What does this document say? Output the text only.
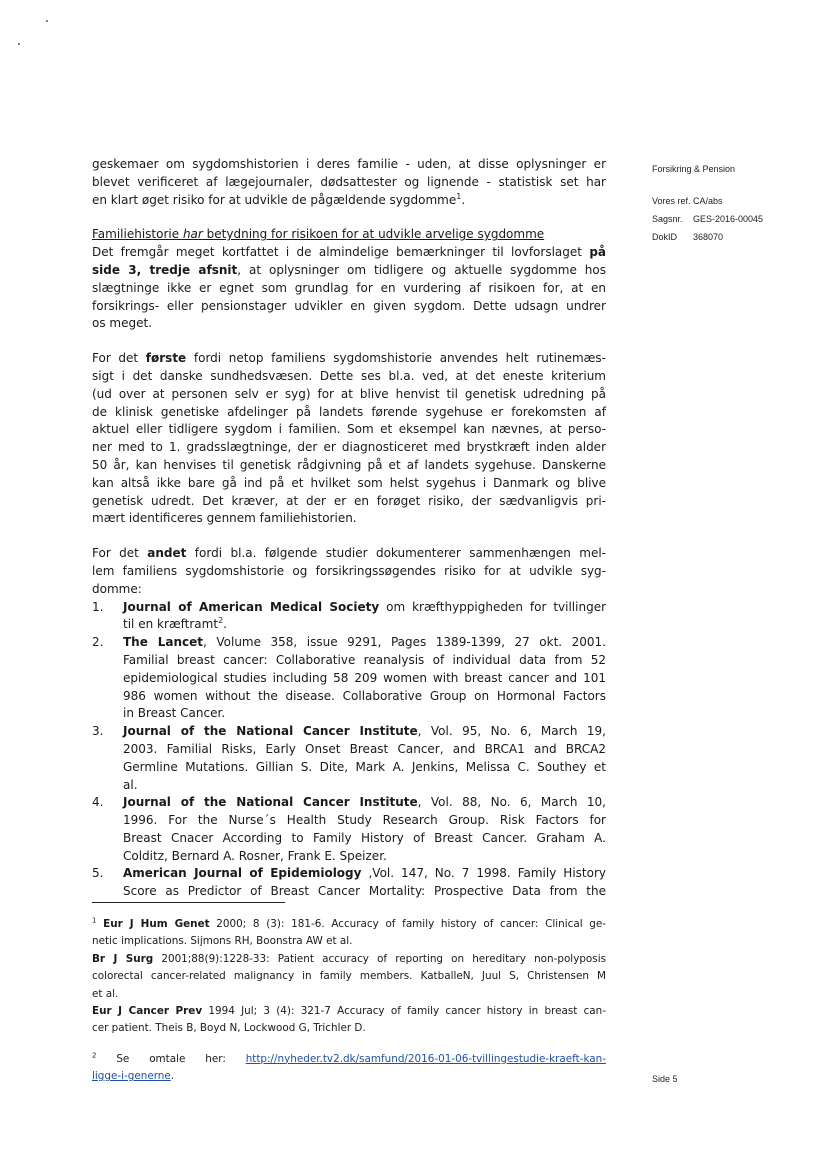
Forsikring & Pension
Vores ref. CA/abs
Sagsnr.	GES-2016-00045
DokID	368070
geskemaer om sygdomshistorien i deres familie - uden, at disse oplysninger er
blevet verificeret af lægejournaler, dødsattester og lignende - statistisk set har
en klart øget risiko for at udvikle de pågældende sygdomme$^1$.
Familiehistorie har betydning for risikoen for at udvikle arvelige sygdomme
Det fremgår meget kortfattet i de almindelige bemærkninger til lovforslaget på
side 3, tredje afsnit, at oplysninger om tidligere og aktuelle sygdomme hos
slægtninge ikke er egnet som grundlag for en vurdering af risikoen for, at en
forsikrings- eller pensionstager udvikler en given sygdom. Dette udsagn undrer
os meget.
For det første fordi netop familiens sygdomshistorie anvendes helt rutinemæs-
sigt i det danske sundhedsvæsen. Dette ses bl.a. ved, at det eneste kriterium
(ud over at personen selv er syg) for at blive henvist til genetisk udredning på
de klinisk genetiske afdelinger på landets førende sygehuse er forekomsten af
aktuel eller tidligere sygdom i familien. Som et eksempel kan nævnes, at perso-
ner med to 1. gradsslægtninge, der er diagnosticeret med brystkræft inden alder
50 år, kan henvises til genetisk rådgivning på et af landets sygehuse. Danskerne
kan altså ikke bare gå ind på et hvilket som helst sygehus i Danmark og blive
genetisk udredt. Det kræver, at der er en forøget risiko, der sædvanligvis pri-
mært identificeres gennem familiehistorien.
For det andet fordi bl.a. følgende studier dokumenterer sammenhængen mel-
lem familiens sygdomshistorie og forsikringssøgendes risiko for at udvikle syg-
domme:
1. Journal of American Medical Society om kræfthyppigheden for tvillinger
til en kræftramt$^2$.
2. The Lancet, Volume 358, issue 9291, Pages 1389-1399, 27 okt. 2001.
Familial breast cancer: Collaborative reanalysis of individual data from 52
epidemiological studies including 58 209 women with breast cancer and 101
986 women without the disease. Collaborative Group on Hormonal Factors
in Breast Cancer.
3. Journal of the National Cancer Institute, Vol. 95, No. 6, March 19,
2003. Familial Risks, Early Onset Breast Cancer, and BRCA1 and BRCA2
Germline Mutations. Gillian S. Dite, Mark A. Jenkins, Melissa C. Southey et
al.
4. Journal of the National Cancer Institute, Vol. 88, No. 6, March 10,
1996. For the Nurse´s Health Study Research Group. Risk Factors for
Breast Cnacer According to Family History of Breast Cancer. Graham A.
Colditz, Bernard A. Rosner, Frank E. Speizer.
5. American Journal of Epidemiology ,Vol. 147, No. 7 1998. Family History
Score as Predictor of Breast Cancer Mortality: Prospective Data from the
$^1$ Eur J Hum Genet 2000; 8 (3): 181-6. Accuracy of family history of cancer: Clinical ge-
netic implications. Sijmons RH, Boonstra AW et al.
Br J Surg 2001;88(9):1228-33: Patient accuracy of reporting on hereditary non-polyposis
colorectal cancer-related malignancy in family members. KatballeN, Juul S, Christensen M
et al.
Eur J Cancer Prev 1994 Jul; 3 (4): 321-7 Accuracy of family cancer history in breast can-
cer patient. Theis B, Boyd N, Lockwood G, Trichler D.
$^2$ Se omtale her: http://nyheder.tv2.dk/samfund/2016-01-06-tvillingestudie-kraeft-kan-
ligge-i-generne.	Side 5
